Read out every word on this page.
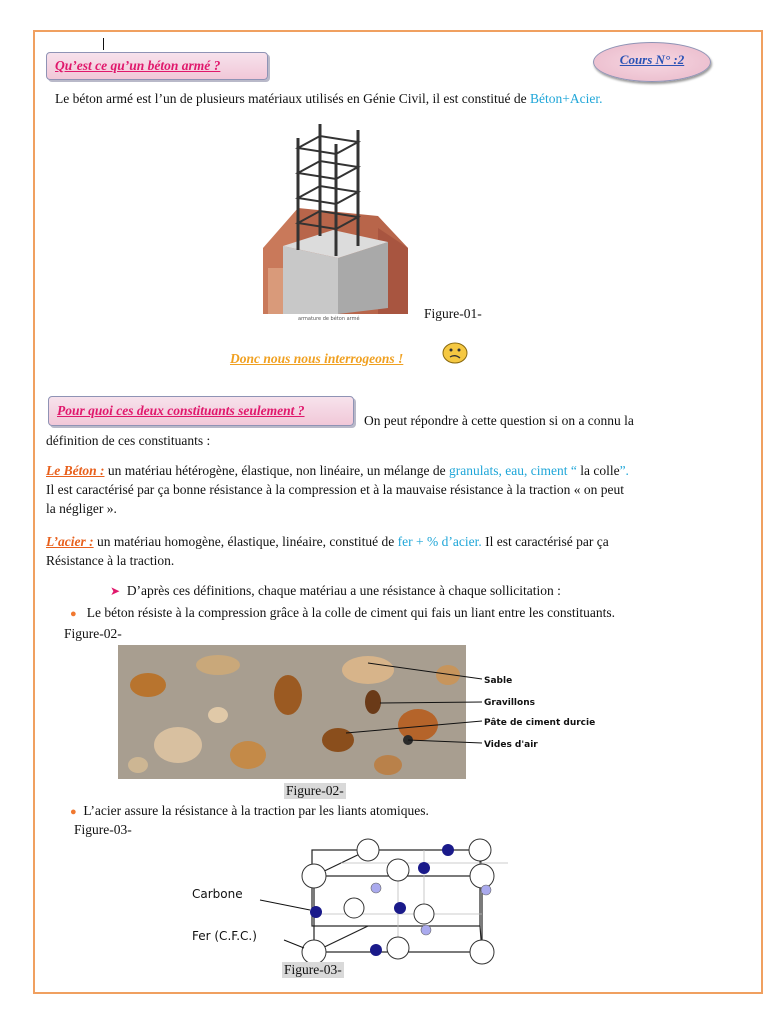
Qu’est ce qu’un béton armé ?	Cours N° :2
Le béton armé est l’un de plusieurs matériaux utilisés en Génie Civil, il est constitué de Béton+Acier.
armature de béton armé	Figure-01-
Donc nous nous interrogeons !
Pour quoi ces deux constituants seulement ?
On peut répondre à cette question si on a connu la
définition de ces constituants :
Le Béton : un matériau hétérogène, élastique, non linéaire, un mélange de granulats, eau, ciment “ la colle”.
Il est caractérisé par ça bonne résistance à la compression et à la mauvaise résistance à la traction « on peut
la négliger ».
L’acier : un matériau homogène, élastique, linéaire, constitué de fer + % d’acier. Il est caractérisé par ça
Résistance à la traction.
➤ D’après ces définitions, chaque matériau a une résistance à chaque sollicitation :
● Le béton résiste à la compression grâce à la colle de ciment qui fais un liant entre les constituants.
Figure-02-
Sable
Gravillons
Pâte de ciment durcie
Vides d'air
Figure-02-
● L’acier assure la résistance à la traction par les liants atomiques.
Figure-03-
Carbone
Fer (C.F.C.)
Figure-03-
